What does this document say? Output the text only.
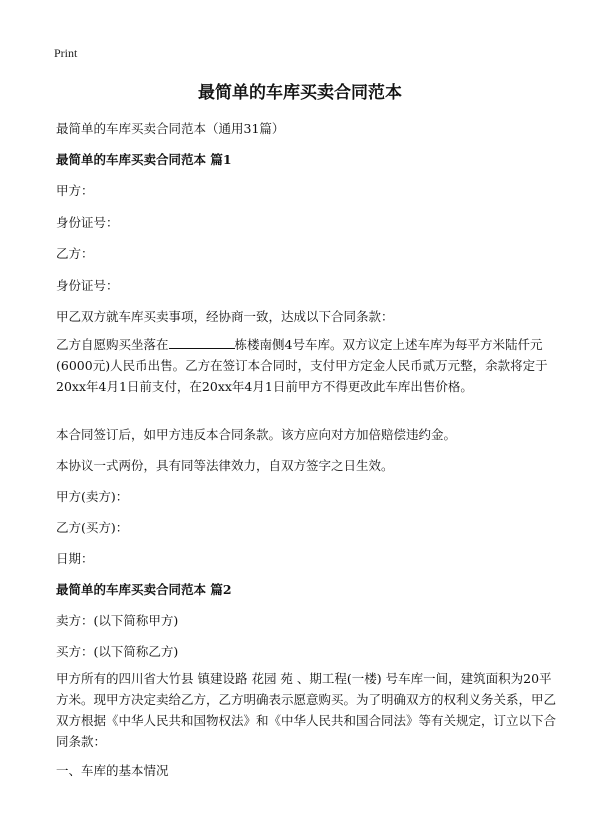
Print
最简单的车库买卖合同范本

最简单的车库买卖合同范本（通用31篇）

最简单的车库买卖合同范本 篇1

甲方：

身份证号：

乙方：

身份证号：

甲乙双方就车库买卖事项，经协商一致，达成以下合同条款：

乙方自愿购买坐落在	栋楼南侧4号车库。双方议定上述车库为每平方米陆仟元(6000元)人民币出售。乙方在签订本合同时，支付甲方定金人民币贰万元整，余款将定于20xx年4月1日前支付，在20xx年4月1日前甲方不得更改此车库出售价格。

本合同签订后，如甲方违反本合同条款。该方应向对方加倍赔偿违约金。

本协议一式两份，具有同等法律效力，自双方签字之日生效。

甲方(卖方)：

乙方(买方)：

日期：

最简单的车库买卖合同范本 篇2

卖方：(以下简称甲方)

买方：(以下简称乙方)

甲方所有的四川省大竹县 镇建设路 花园 苑 、期工程(一楼) 号车库一间，建筑面积为20平方米。现甲方决定卖给乙方，乙方明确表示愿意购买。为了明确双方的权利义务关系，甲乙双方根据《中华人民共和国物权法》和《中华人民共和国合同法》等有关规定，订立以下合同条款：

一、车库的基本情况
